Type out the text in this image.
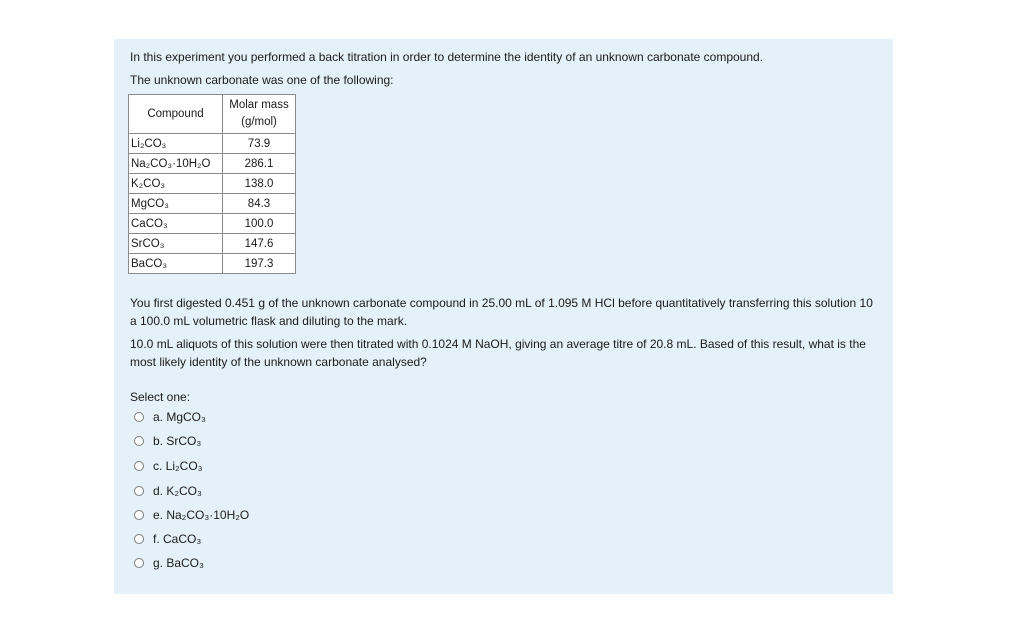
In this experiment you performed a back titration in order to determine the identity of an unknown carbonate compound.
The unknown carbonate was one of the following:
Compound	Molar mass
(g/mol)

Li₂CO₃	73.9
Na₂CO₃·10H₂O	286.1
K₂CO₃	138.0
MgCO₃	84.3
CaCO₃	100.0
SrCO₃	147.6
BaCO₃	197.3
You first digested 0.451 g of the unknown carbonate compound in 25.00 mL of 1.095 M HCl before quantitatively transferring this solution 10 a 100.0 mL volumetric flask and diluting to the mark.
10.0 mL aliquots of this solution were then titrated with 0.1024 M NaOH, giving an average titre of 20.8 mL. Based of this result, what is the most likely identity of the unknown carbonate analysed?
Select one:
a. MgCO₃
b. SrCO₃
c. Li₂CO₃
d. K₂CO₃
e. Na₂CO₃·10H₂O
f. CaCO₃
g. BaCO₃
